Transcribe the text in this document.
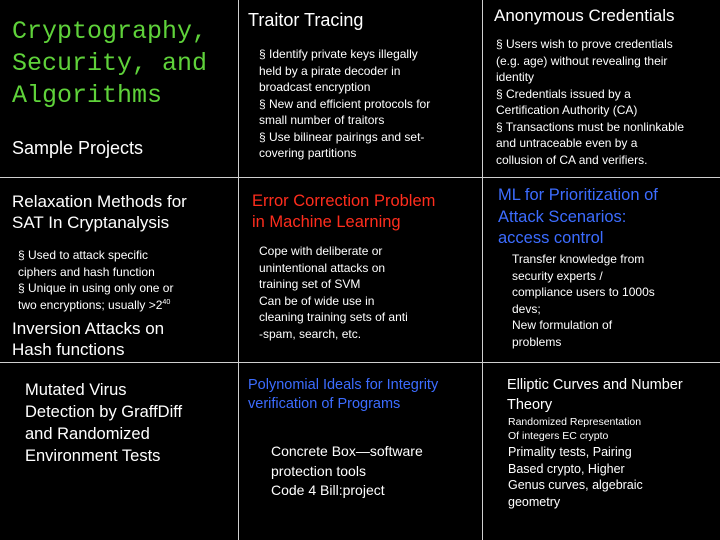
Cryptography,
Security, and
Algorithms
Sample Projects
Relaxation Methods for
SAT In Cryptanalysis
§ Used to attack specific
ciphers and hash function
§ Unique in using only one or
two encryptions; usually $>2^{40}$
Inversion Attacks on
Hash functions
Mutated Virus
Detection by GraffDiff
and Randomized
Environment Tests
Traitor Tracing
§ Identify private keys illegally
held by a pirate decoder in
broadcast encryption
§ New and efficient protocols for
small number of traitors
§ Use bilinear pairings and set-
covering partitions
Error Correction Problem
in Machine Learning
Cope with deliberate or
unintentional attacks on
training set of SVM
Can be of wide use in
cleaning training sets of anti
-spam, search, etc.
Polynomial Ideals for Integrity
verification of Programs
Concrete Box—software
protection tools
Code 4 Bill:project
Anonymous Credentials
§ Users wish to prove credentials
(e.g. age) without revealing their
identity
§ Credentials issued by a
Certification Authority (CA)
§ Transactions must be nonlinkable
and untraceable even by a
collusion of CA and verifiers.
ML for Prioritization of
Attack Scenarios:
access control
Transfer knowledge from
security experts /
compliance users to 1000s
devs;
New formulation of
problems
Elliptic Curves and Number
Theory
Randomized Representation
Of integers EC crypto
Primality tests, Pairing
Based crypto, Higher
Genus curves, algebraic
geometry
